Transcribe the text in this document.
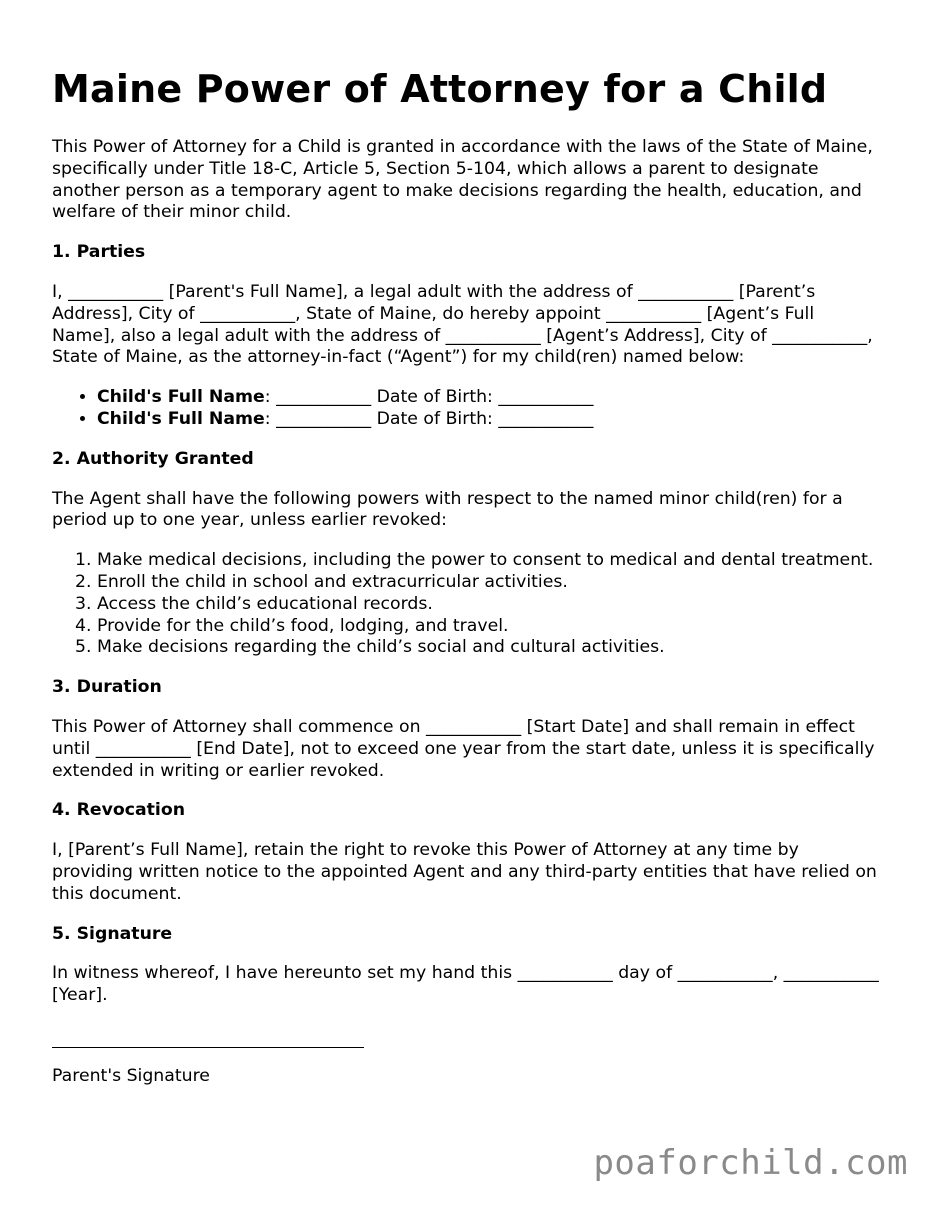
Maine Power of Attorney for a Child

This Power of Attorney for a Child is granted in accordance with the laws of the State of Maine, specifically under Title 18-C, Article 5, Section 5-104, which allows a parent to designate another person as a temporary agent to make decisions regarding the health, education, and welfare of their minor child.

1. Parties

I, ___________ [Parent's Full Name], a legal adult with the address of ___________ [Parent’s Address], City of ___________, State of Maine, do hereby appoint ___________ [Agent’s Full Name], also a legal adult with the address of ___________ [Agent’s Address], City of ___________, State of Maine, as the attorney-in-fact (“Agent”) for my child(ren) named below:

• Child's Full Name: ___________ Date of Birth: ___________
• Child's Full Name: ___________ Date of Birth: ___________
2. Authority Granted

The Agent shall have the following powers with respect to the named minor child(ren) for a period up to one year, unless earlier revoked:

1. Make medical decisions, including the power to consent to medical and dental treatment.
2. Enroll the child in school and extracurricular activities.
3. Access the child’s educational records.
4. Provide for the child’s food, lodging, and travel.
5. Make decisions regarding the child’s social and cultural activities.
3. Duration

This Power of Attorney shall commence on ___________ [Start Date] and shall remain in effect until ___________ [End Date], not to exceed one year from the start date, unless it is specifically extended in writing or earlier revoked.

4. Revocation

I, [Parent’s Full Name], retain the right to revoke this Power of Attorney at any time by providing written notice to the appointed Agent and any third-party entities that have relied on this document.

5. Signature

In witness whereof, I have hereunto set my hand this ___________ day of ___________, ___________ [Year].

Parent's Signature

poaforchild.com
